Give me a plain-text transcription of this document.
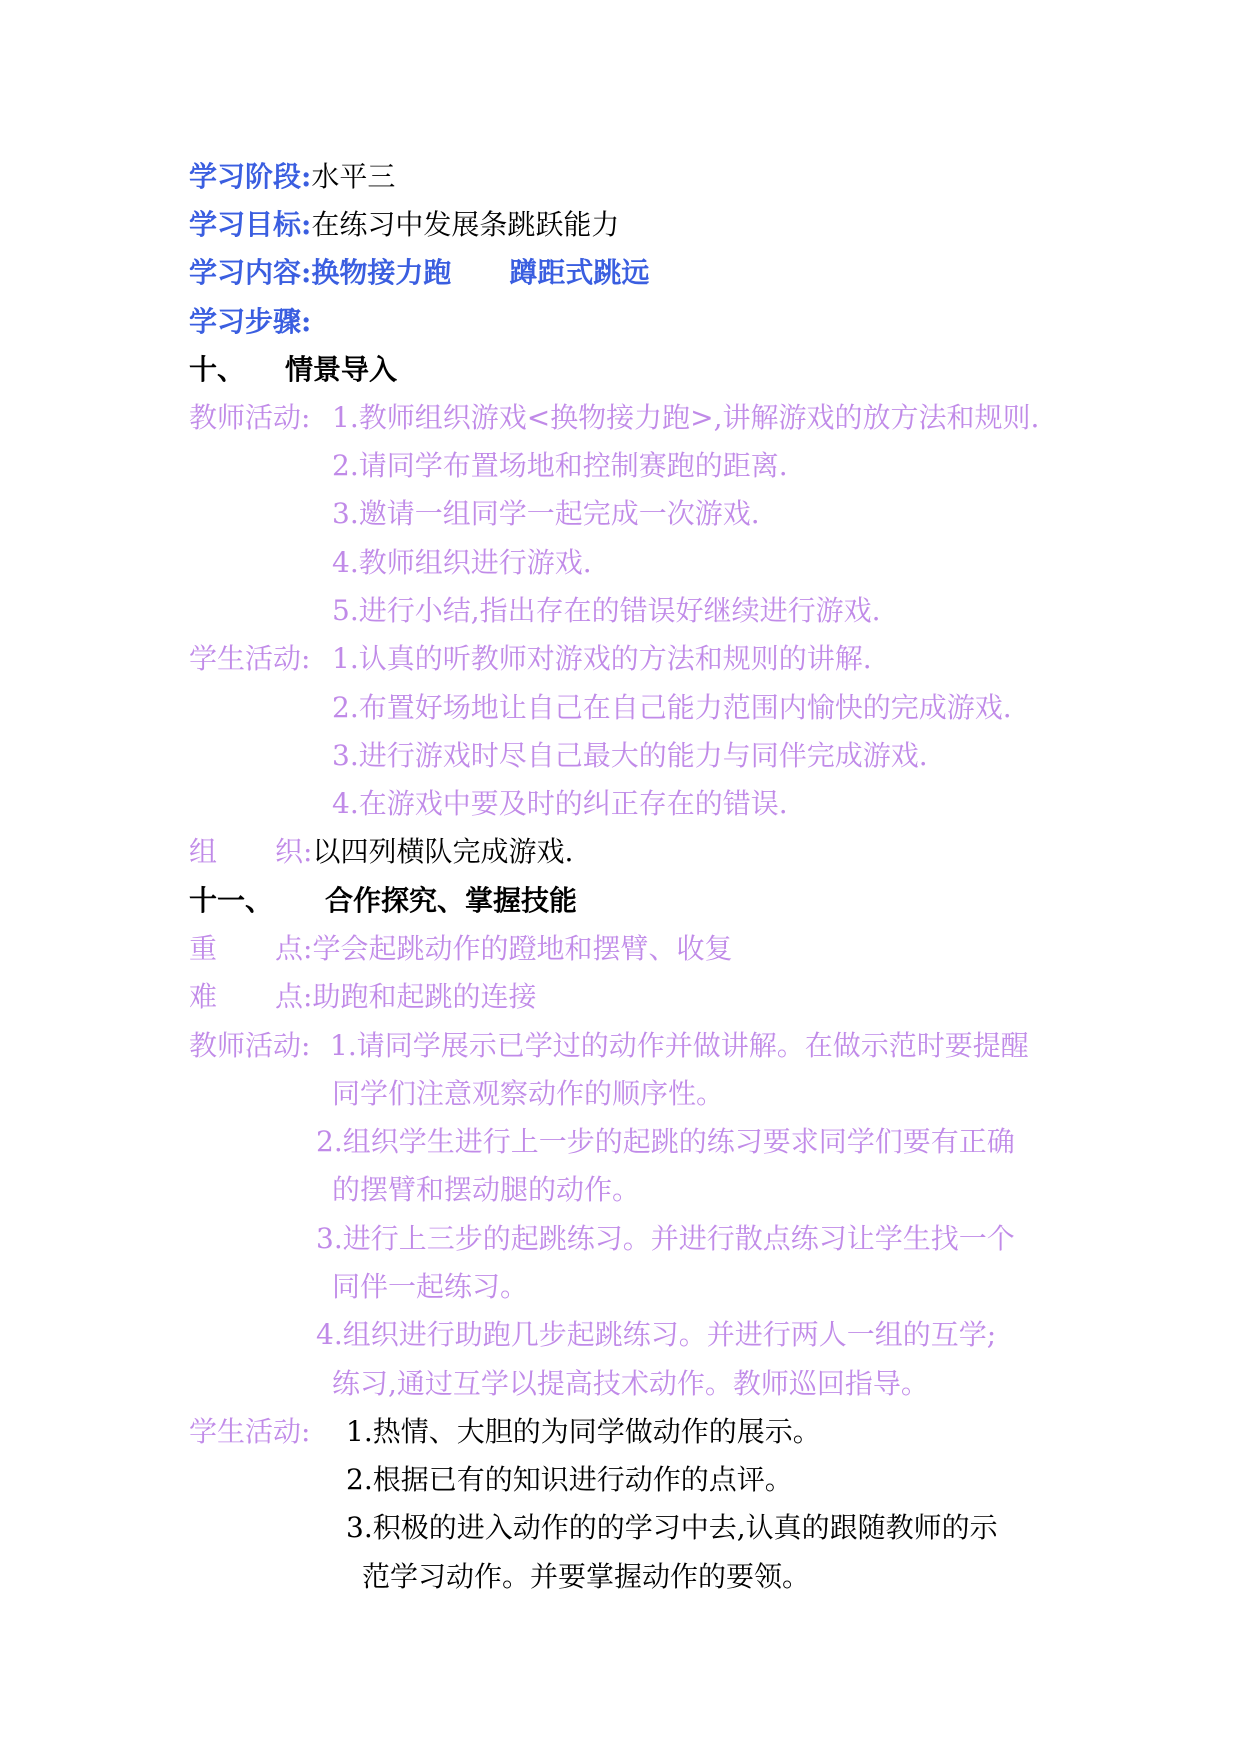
学习阶段:水平三
学习目标:在练习中发展条跳跃能力
学习内容:换物接力跑 蹲距式跳远
学习步骤:
十、 情景导入
教师活动: 1.教师组织游戏<换物接力跑>,讲解游戏的放方法和规则.
2.请同学布置场地和控制赛跑的距离.
3.邀请一组同学一起完成一次游戏.
4.教师组织进行游戏.
5.进行小结,指出存在的错误好继续进行游戏.
学生活动: 1.认真的听教师对游戏的方法和规则的讲解.
2.布置好场地让自己在自己能力范围内愉快的完成游戏.
3.进行游戏时尽自己最大的能力与同伴完成游戏.
4.在游戏中要及时的纠正存在的错误.
组 织:以四列横队完成游戏.
十一、 合作探究、掌握技能
重 点:学会起跳动作的蹬地和摆臂、收复
难 点:助跑和起跳的连接
教师活动: 1.请同学展示已学过的动作并做讲解。在做示范时要提醒
同学们注意观察动作的顺序性。
2.组织学生进行上一步的起跳的练习要求同学们要有正确
的摆臂和摆动腿的动作。
3.进行上三步的起跳练习。并进行散点练习让学生找一个
同伴一起练习。
4.组织进行助跑几步起跳练习。并进行两人一组的互学;
练习,通过互学以提高技术动作。教师巡回指导。
学生活动: 1.热情、大胆的为同学做动作的展示。
2.根据已有的知识进行动作的点评。
3.积极的进入动作的的学习中去,认真的跟随教师的示
范学习动作。并要掌握动作的要领。
